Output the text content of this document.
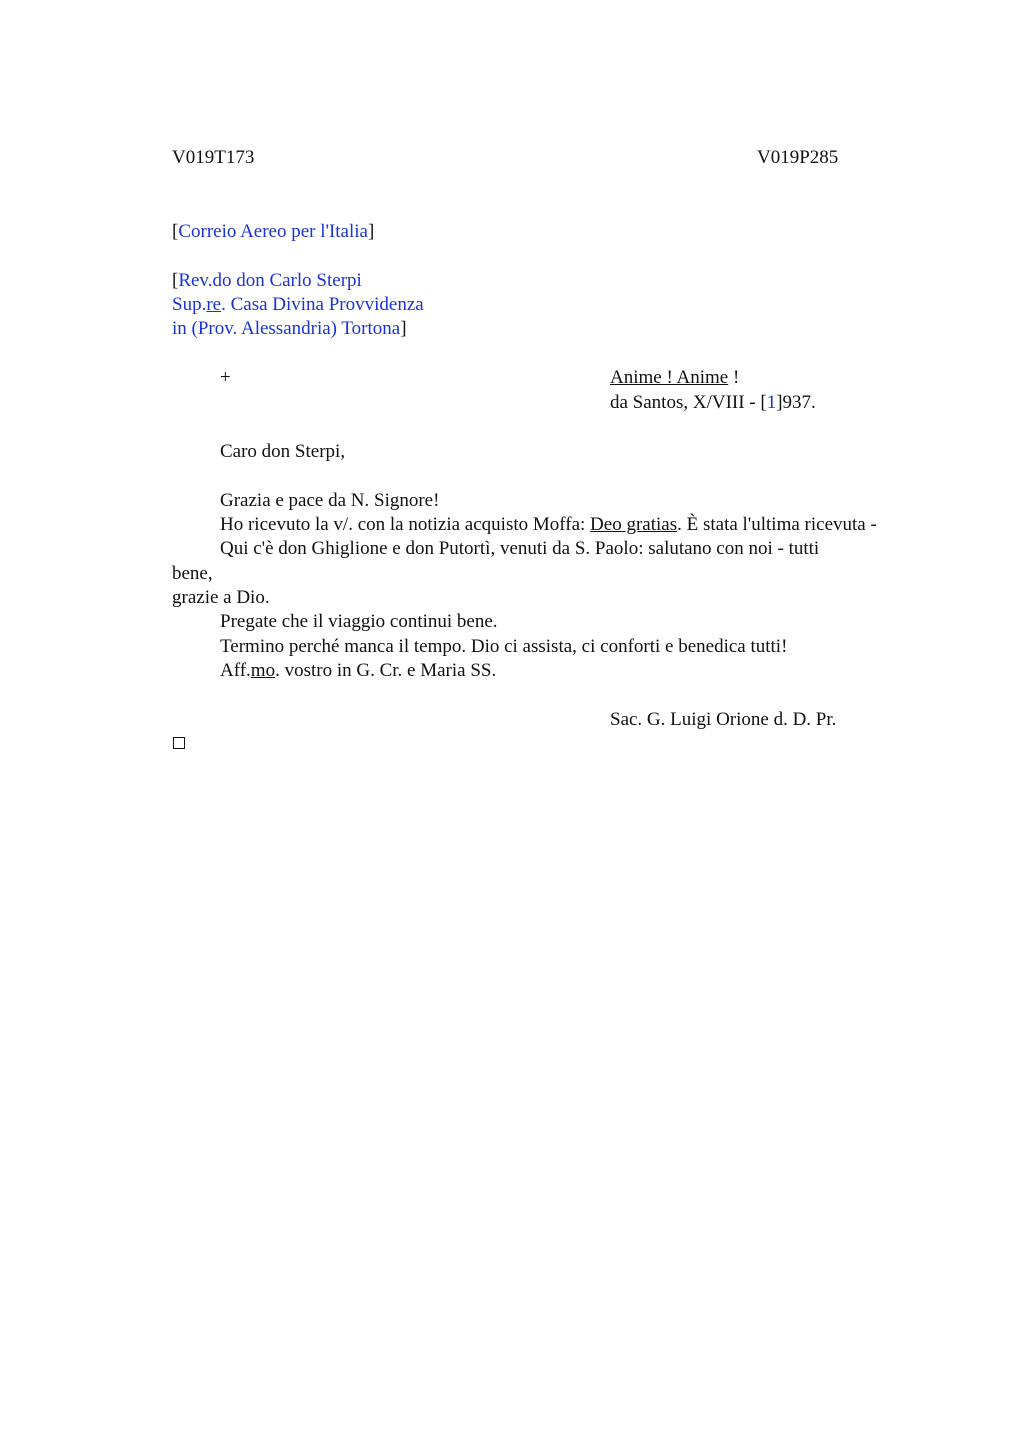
V019T173	V019P285
[Correio Aereo per l'Italia]
[Rev.do don Carlo Sterpi
Sup.re. Casa Divina Provvidenza
in (Prov. Alessandria) Tortona]
+	Anime ! Anime !
da Santos, X/VIII - [1]937.
Caro don Sterpi,
Grazia e pace da N. Signore!
Ho ricevuto la v/. con la notizia acquisto Moffa: Deo gratias. È stata l'ultima ricevuta -
Qui c'è don Ghiglione e don Putortì, venuti da S. Paolo: salutano con noi - tutti
bene,
grazie a Dio.
Pregate che il viaggio continui bene.
Termino perché manca il tempo. Dio ci assista, ci conforti e benedica tutti!
Aff.mo. vostro in G. Cr. e Maria SS.
Sac. G. Luigi Orione d. D. Pr.
